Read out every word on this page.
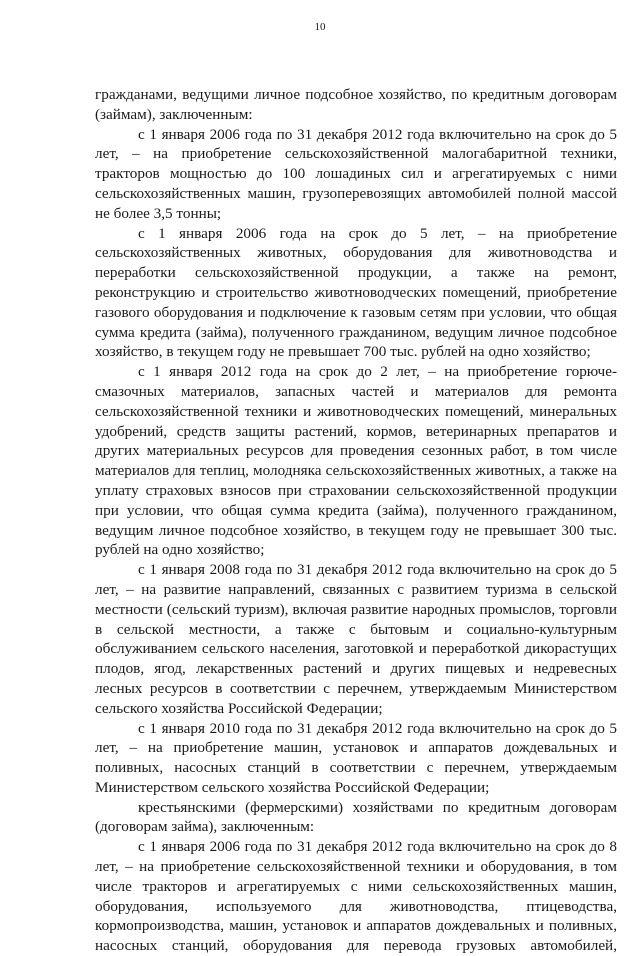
10

гражданами, ведущими личное подсобное хозяйство, по кредитным договорам (займам), заключенным:

с 1 января 2006 года по 31 декабря 2012 года включительно на срок до 5 лет, – на приобретение сельскохозяйственной малогабаритной техники, тракторов мощностью до 100 лошадиных сил и агрегатируемых с ними сельскохозяйственных машин, грузоперевозящих автомобилей полной массой не более 3,5 тонны;

с 1 января 2006 года на срок до 5 лет, – на приобретение сельскохозяйственных животных, оборудования для животноводства и переработки сельскохозяйственной продукции, а также на ремонт, реконструкцию и строительство животноводческих помещений, приобретение газового оборудования и подключение к газовым сетям при условии, что общая сумма кредита (займа), полученного гражданином, ведущим личное подсобное хозяйство, в текущем году не превышает 700 тыс. рублей на одно хозяйство;

с 1 января 2012 года на срок до 2 лет, – на приобретение горюче-смазочных материалов, запасных частей и материалов для ремонта сельскохозяйственной техники и животноводческих помещений, минеральных удобрений, средств защиты растений, кормов, ветеринарных препаратов и других материальных ресурсов для проведения сезонных работ, в том числе материалов для теплиц, молодняка сельскохозяйственных животных, а также на уплату страховых взносов при страховании сельскохозяйственной продукции при условии, что общая сумма кредита (займа), полученного гражданином, ведущим личное подсобное хозяйство, в текущем году не превышает 300 тыс. рублей на одно хозяйство;

с 1 января 2008 года по 31 декабря 2012 года включительно на срок до 5 лет, – на развитие направлений, связанных с развитием туризма в сельской местности (сельский туризм), включая развитие народных промыслов, торговли в сельской местности, а также с бытовым и социально-культурным обслуживанием сельского населения, заготовкой и переработкой дикорастущих плодов, ягод, лекарственных растений и других пищевых и недревесных лесных ресурсов в соответствии с перечнем, утверждаемым Министерством сельского хозяйства Российской Федерации;

с 1 января 2010 года по 31 декабря 2012 года включительно на срок до 5 лет, – на приобретение машин, установок и аппаратов дождевальных и поливных, насосных станций в соответствии с перечнем, утверждаемым Министерством сельского хозяйства Российской Федерации;

крестьянскими (фермерскими) хозяйствами по кредитным договорам (договорам займа), заключенным:

с 1 января 2006 года по 31 декабря 2012 года включительно на срок до 8 лет, – на приобретение сельскохозяйственной техники и оборудования, в том числе тракторов и агрегатируемых с ними сельскохозяйственных машин, оборудования, используемого для животноводства, птицеводства, кормопроизводства, машин, установок и аппаратов дождевальных и поливных, насосных станций, оборудования для перевода грузовых автомобилей,
